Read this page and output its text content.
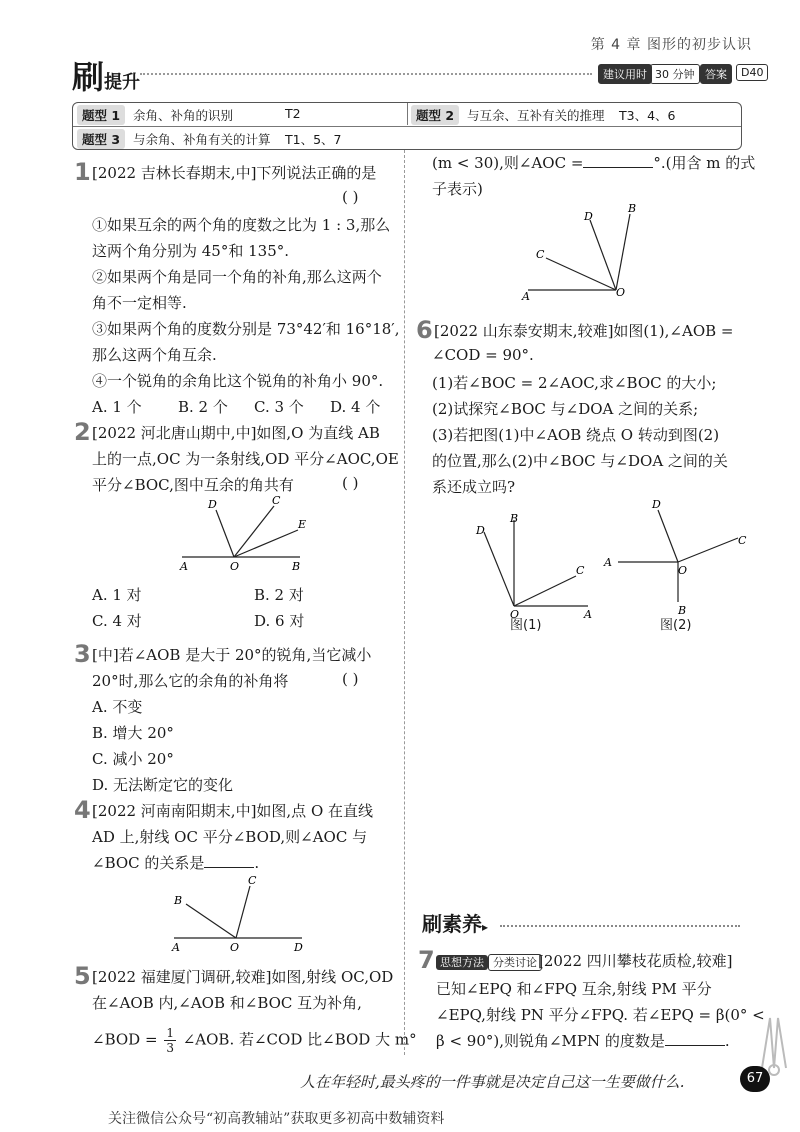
第 4 章 图形的初步认识
刷提升	建议用时 30 分钟 答案	D40
题型 1	余角、补角的识别	T2	题型 2	与互余、互补有关的推理 T3、4、6
题型 3	与余角、补角有关的计算 T1、5、7
1 [2022 吉林长春期末,中]下列说法正确的是
( )
①如果互余的两个角的度数之比为 1 : 3,那么
这两个角分别为 45°和 135°.
②如果两个角是同一个角的补角,那么这两个
角不一定相等.
③如果两个角的度数分别是 73°42′和 16°18′,
那么这两个角互余.
④一个锐角的余角比这个锐角的补角小 90°.
A. 1 个 B. 2 个 C. 3 个 D. 4 个
2 [2022 河北唐山期中,中]如图,O 为直线 AB
上的一点,OC 为一条射线,OD 平分∠AOC,OE
平分∠BOC,图中互余的角共有	( )
A	O	B
D	C
E
A. 1 对	B. 2 对
C. 4 对	D. 6 对
3 [中]若∠AOB 是大于 20°的锐角,当它减小
20°时,那么它的余角的补角将	( )
A. 不变
B. 增大 20°
C. 减小 20°
D. 无法断定它的变化
4 [2022 河南南阳期末,中]如图,点 O 在直线
AD 上,射线 OC 平分∠BOD,则∠AOC 与
∠BOC 的关系是	.
A	O	D
C
B
5 [2022 福建厦门调研,较难]如图,射线 OC,OD
在∠AOB 内,∠AOB 和∠BOC 互为补角,
∠BOD = $\frac{1}{3}$ ∠AOB. 若∠COD 比∠BOD 大 m°
(m < 30),则∠AOC =	°.(用含 m 的式
子表示)
A	O
B
D
C
6 [2022 山东泰安期末,较难]如图(1),∠AOB =
∠COD = 90°.
(1)若∠BOC = 2∠AOC,求∠BOC 的大小;
(2)试探究∠BOC 与∠DOA 之间的关系;
(3)若把图(1)中∠AOB 绕点 O 转动到图(2)
的位置,那么(2)中∠BOC 与∠DOA 之间的关
系还成立吗?
O	A
B
D
C
图(1)
A
O
B
D
C
图(2)
刷素养▸
7 思想方法 分类讨论 [2022 四川攀枝花质检,较难]
已知∠EPQ 和∠FPQ 互余,射线 PM 平分
∠EPQ,射线 PN 平分∠FPQ. 若∠EPQ = β(0° <
β < 90°),则锐角∠MPN 的度数是	.
人在年轻时,最头疼的一件事就是决定自己这一生要做什么.	67
关注微信公众号“初高教辅站”获取更多初高中数辅资料
